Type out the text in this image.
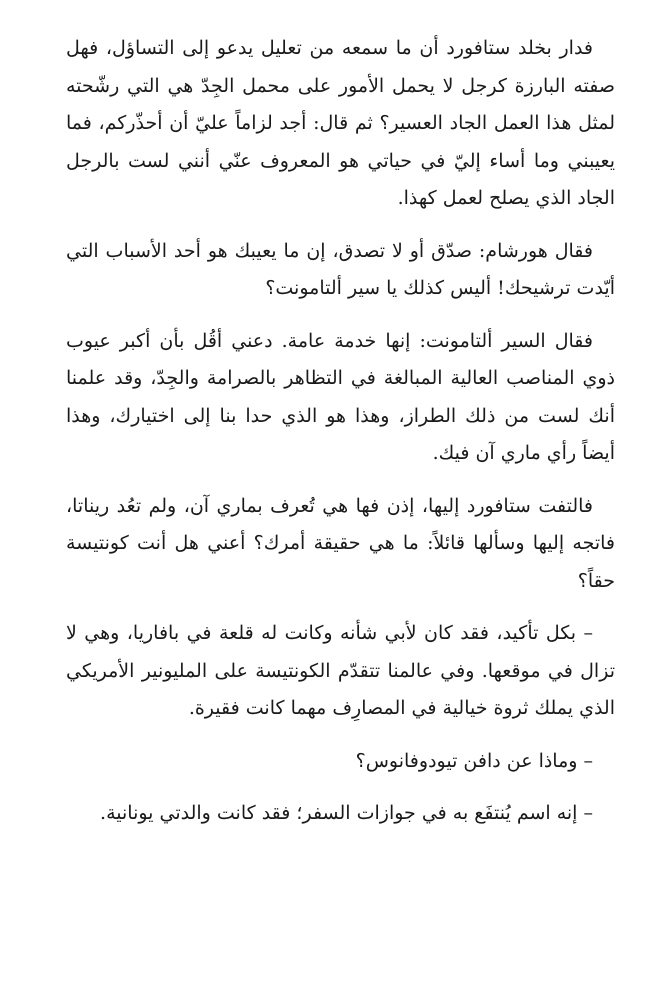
فدار بخلد ستافورد أن ما سمعه من تعليل يدعو إلى التساؤل، فهل صفته البارزة كرجل لا يحمل الأمور على محمل الجِدّ هي التي رشّحته لمثل هذا العمل الجاد العسير؟ ثم قال: أجد لزاماً عليّ أن أحذّركم، فما يعيبني وما أساء إليّ في حياتي هو المعروف عنّي أنني لست بالرجل الجاد الذي يصلح لعمل كهذا.

فقال هورشام: صدّق أو لا تصدق، إن ما يعيبك هو أحد الأسباب التي أيّدت ترشيحك! أليس كذلك يا سير ألتامونت؟

فقال السير ألتامونت: إنها خدمة عامة. دعني أقُل بأن أكبر عيوب ذوي المناصب العالية المبالغة في التظاهر بالصرامة والجِدّ، وقد علمنا أنك لست من ذلك الطراز، وهذا هو الذي حدا بنا إلى اختيارك، وهذا أيضاً رأي ماري آن فيك.

فالتفت ستافورد إليها، إذن فها هي تُعرف بماري آن، ولم تعُد ريناتا، فاتجه إليها وسألها قائلاً: ما هي حقيقة أمرك؟ أعني هل أنت كونتيسة حقاً؟

– بكل تأكيد، فقد كان لأبي شأنه وكانت له قلعة في بافاريا، وهي لا تزال في موقعها. وفي عالمنا تتقدّم الكونتيسة على المليونير الأمريكي الذي يملك ثروة خيالية في المصارِف مهما كانت فقيرة.

– وماذا عن دافن تيودوفانوس؟

– إنه اسم يُنتفَع به في جوازات السفر؛ فقد كانت والدتي يونانية.
